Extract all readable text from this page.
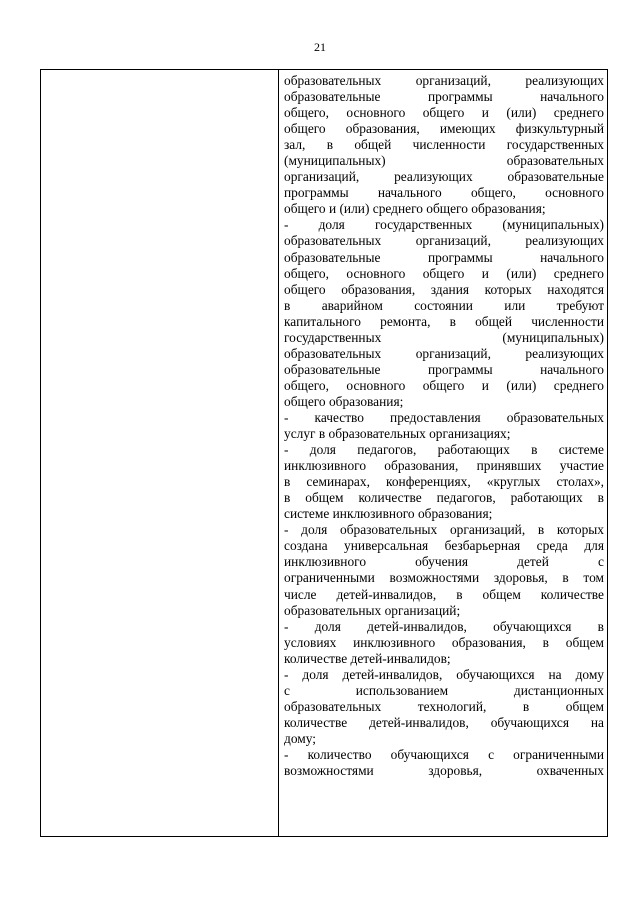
21
образовательных организаций, реализующих
образовательные программы начального
общего, основного общего и (или) среднего
общего образования, имеющих физкультурный
зал, в общей численности государственных
(муниципальных) образовательных
организаций, реализующих образовательные
программы начального общего, основного
общего и (или) среднего общего образования;
- доля государственных (муниципальных)
образовательных организаций, реализующих
образовательные программы начального
общего, основного общего и (или) среднего
общего образования, здания которых находятся
в аварийном состоянии или требуют
капитального ремонта, в общей численности
государственных (муниципальных)
образовательных организаций, реализующих
образовательные программы начального
общего, основного общего и (или) среднего
общего образования;
- качество предоставления образовательных
услуг в образовательных организациях;
- доля педагогов, работающих в системе
инклюзивного образования, принявших участие
в семинарах, конференциях, «круглых столах»,
в общем количестве педагогов, работающих в
системе инклюзивного образования;
- доля образовательных организаций, в которых
создана универсальная безбарьерная среда для
инклюзивного обучения детей с
ограниченными возможностями здоровья, в том
числе детей-инвалидов, в общем количестве
образовательных организаций;
- доля детей-инвалидов, обучающихся в
условиях инклюзивного образования, в общем
количестве детей-инвалидов;
- доля детей-инвалидов, обучающихся на дому
с использованием дистанционных
образовательных технологий, в общем
количестве детей-инвалидов, обучающихся на
дому;
- количество обучающихся с ограниченными
возможностями здоровья, охваченных
